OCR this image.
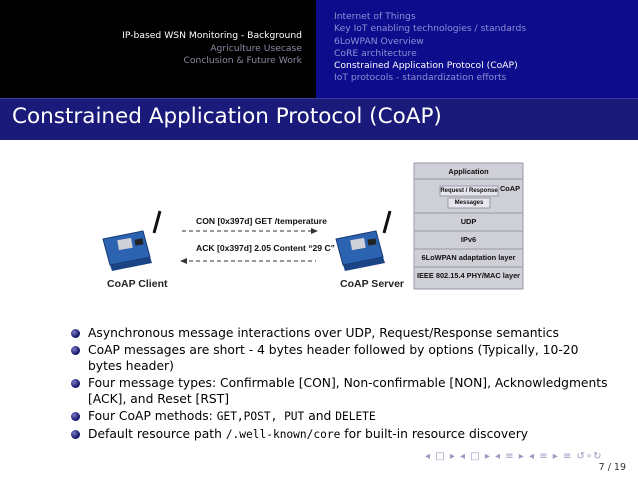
IP-based WSN Monitoring - Background
Agriculture Usecase
Conclusion & Future Work
Internet of Things
Key IoT enabling technologies / standards
6LoWPAN Overview
CoRE architecture
Constrained Application Protocol (CoAP)
IoT protocols - standardization efforts
Constrained Application Protocol (CoAP)
CON [0x397d] GET /temperature
ACK [0x397d] 2.05 Content “29 C”
CoAP Client	CoAP Server
Application
CoAP
Request / Response
Messages
UDP
IPv6
6LoWPAN adaptation layer
IEEE 802.15.4 PHY/MAC layer
Asynchronous message interactions over UDP, Request/Response semantics
CoAP messages are short - 4 bytes header followed by options (Typically, 10-20 bytes header)
Four message types: Confirmable [CON], Non-confirmable [NON], Acknowledgments [ACK], and Reset [RST]
Four CoAP methods: GET,POST, PUT and DELETE
Default resource path /.well-known/core for built-in resource discovery
◂ □ ▸ ◂ □ ▸ ◂ ≡ ▸ ◂ ≡ ▸ ≡ ↺∘↻
7 / 19
